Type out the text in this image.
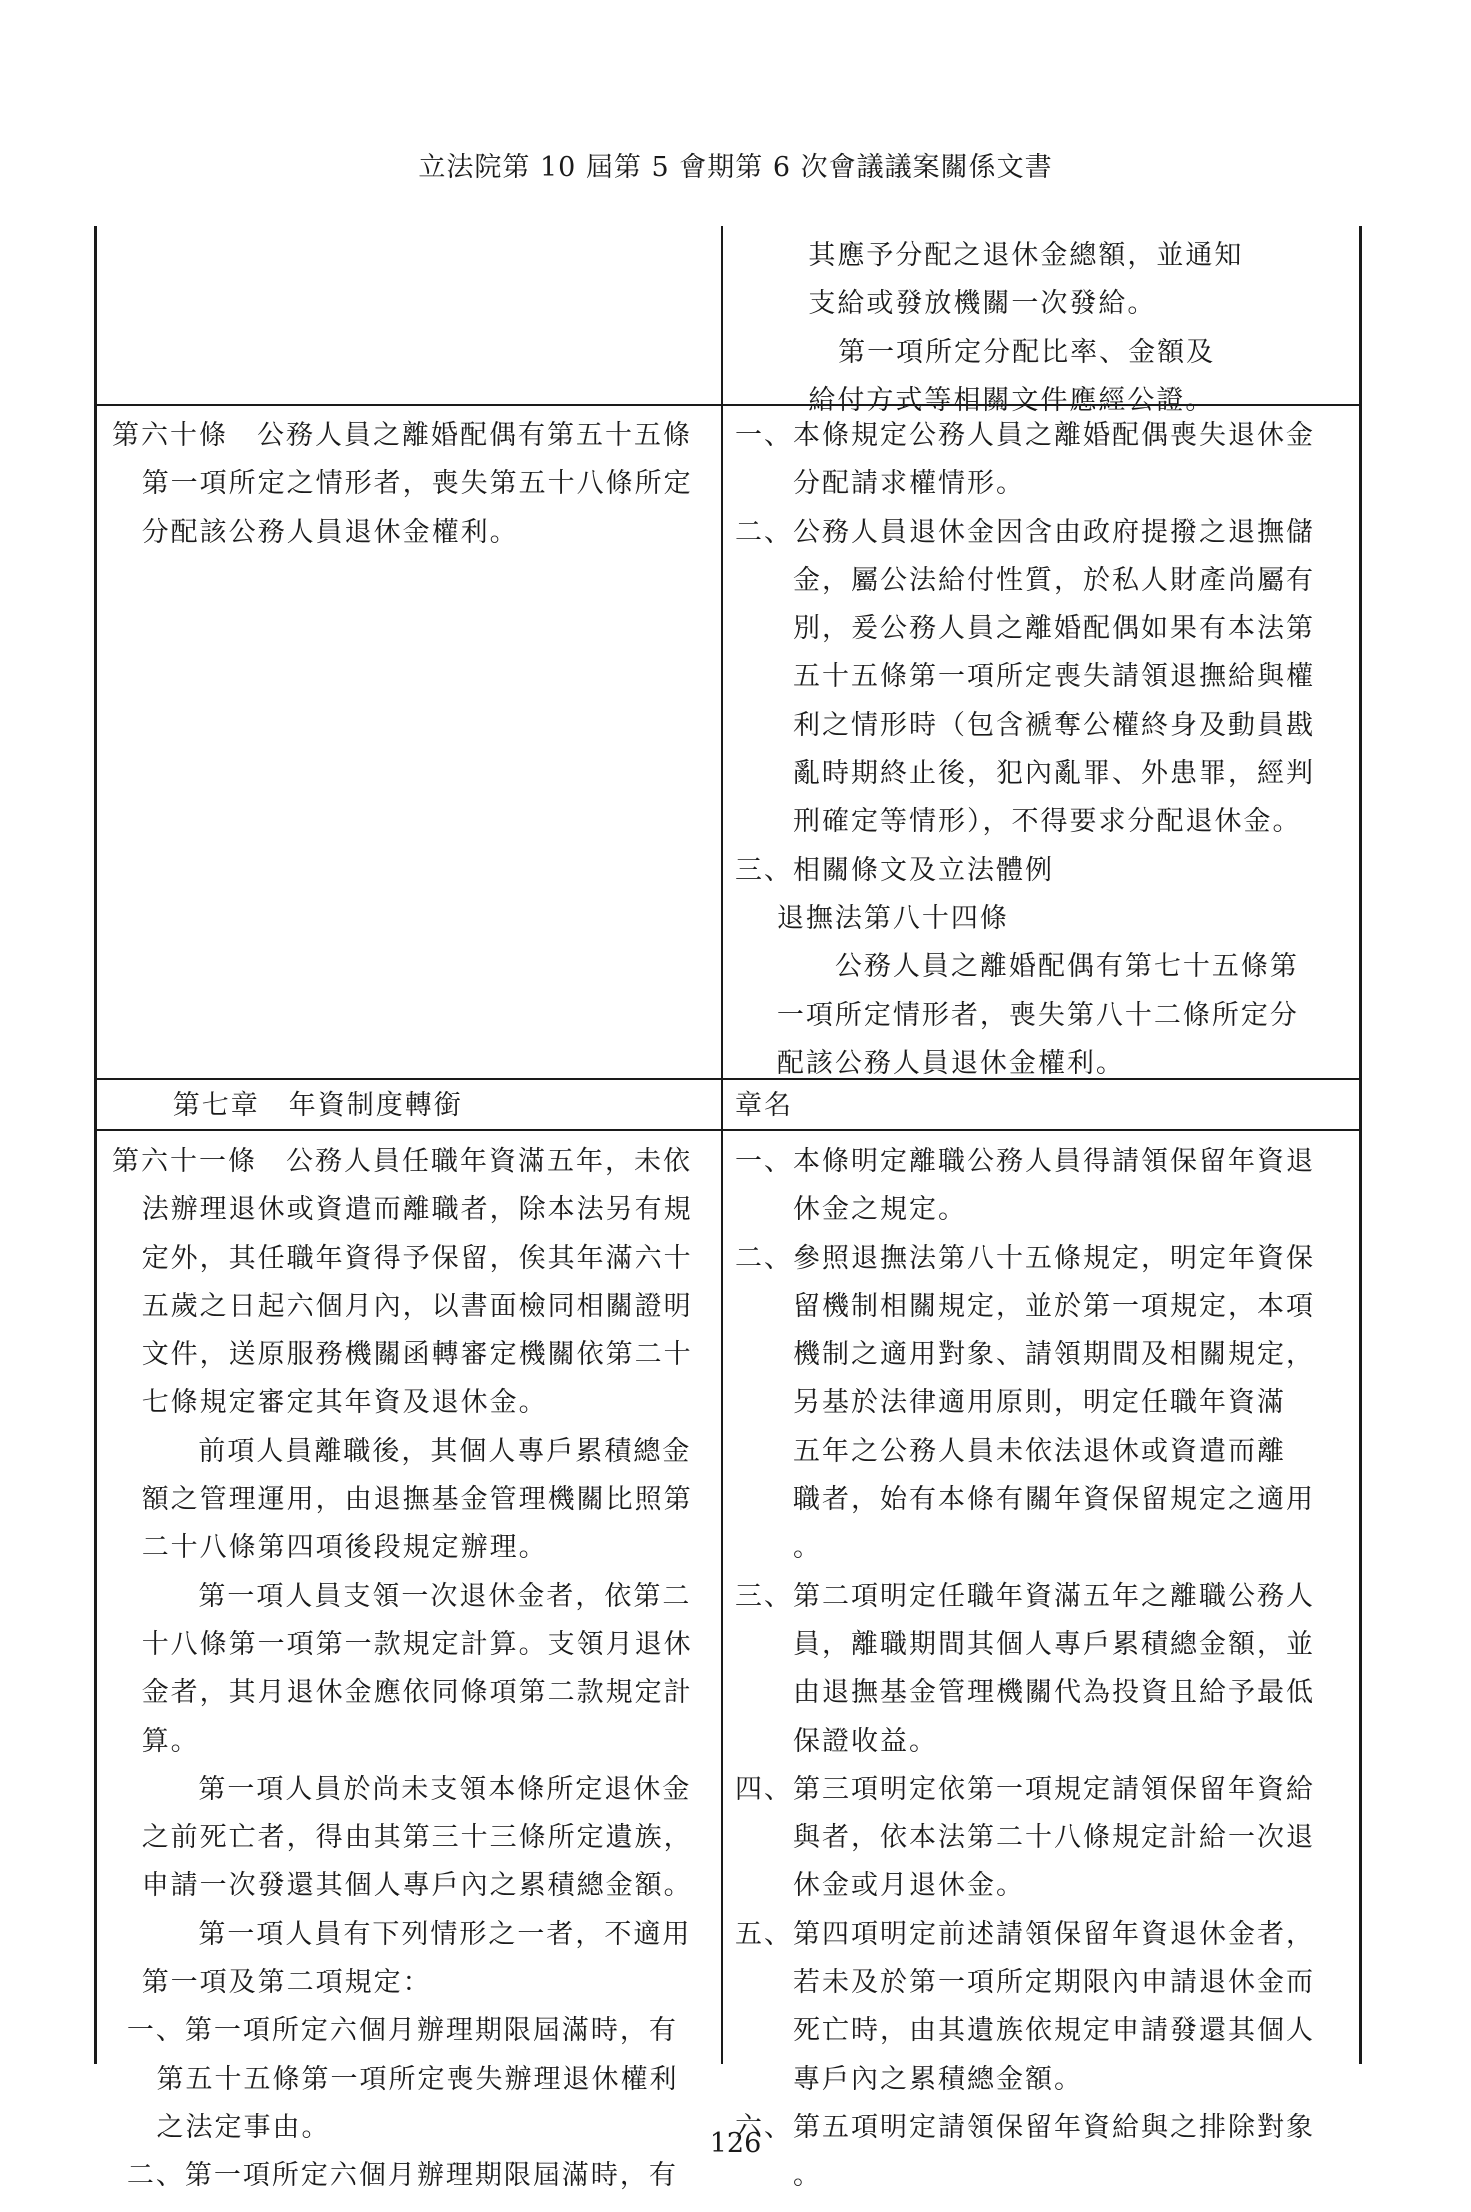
立法院第 10 屆第 5 會期第 6 次會議議案關係文書
其應予分配之退休金總額，並通知
支給或發放機關一次發給。
第一項所定分配比率、金額及
給付方式等相關文件應經公證。
第六十條　公務人員之離婚配偶有第五十五條
第一項所定之情形者，喪失第五十八條所定
分配該公務人員退休金權利。
一、本條規定公務人員之離婚配偶喪失退休金
分配請求權情形。
二、公務人員退休金因含由政府提撥之退撫儲
金，屬公法給付性質，於私人財產尚屬有
別，爰公務人員之離婚配偶如果有本法第
五十五條第一項所定喪失請領退撫給與權
利之情形時（包含褫奪公權終身及動員戡
亂時期終止後，犯內亂罪、外患罪，經判
刑確定等情形），不得要求分配退休金。
三、相關條文及立法體例
退撫法第八十四條
公務人員之離婚配偶有第七十五條第
一項所定情形者，喪失第八十二條所定分
配該公務人員退休金權利。
第七章　年資制度轉銜	章名
第六十一條　公務人員任職年資滿五年，未依
法辦理退休或資遣而離職者，除本法另有規
定外，其任職年資得予保留，俟其年滿六十
五歲之日起六個月內，以書面檢同相關證明
文件，送原服務機關函轉審定機關依第二十
七條規定審定其年資及退休金。
前項人員離職後，其個人專戶累積總金
額之管理運用，由退撫基金管理機關比照第
二十八條第四項後段規定辦理。
第一項人員支領一次退休金者，依第二
十八條第一項第一款規定計算。支領月退休
金者，其月退休金應依同條項第二款規定計
算。
第一項人員於尚未支領本條所定退休金
之前死亡者，得由其第三十三條所定遺族，
申請一次發還其個人專戶內之累積總金額。
第一項人員有下列情形之一者，不適用
第一項及第二項規定：
一、第一項所定六個月辦理期限屆滿時，有
第五十五條第一項所定喪失辦理退休權利
之法定事由。
二、第一項所定六個月辦理期限屆滿時，有
一、本條明定離職公務人員得請領保留年資退
休金之規定。
二、參照退撫法第八十五條規定，明定年資保
留機制相關規定，並於第一項規定，本項
機制之適用對象、請領期間及相關規定，
另基於法律適用原則，明定任職年資滿
五年之公務人員未依法退休或資遣而離
職者，始有本條有關年資保留規定之適用
。
三、第二項明定任職年資滿五年之離職公務人
員，離職期間其個人專戶累積總金額，並
由退撫基金管理機關代為投資且給予最低
保證收益。
四、第三項明定依第一項規定請領保留年資給
與者，依本法第二十八條規定計給一次退
休金或月退休金。
五、第四項明定前述請領保留年資退休金者，
若未及於第一項所定期限內申請退休金而
死亡時，由其遺族依規定申請發還其個人
專戶內之累積總金額。
六、第五項明定請領保留年資給與之排除對象
。
126
